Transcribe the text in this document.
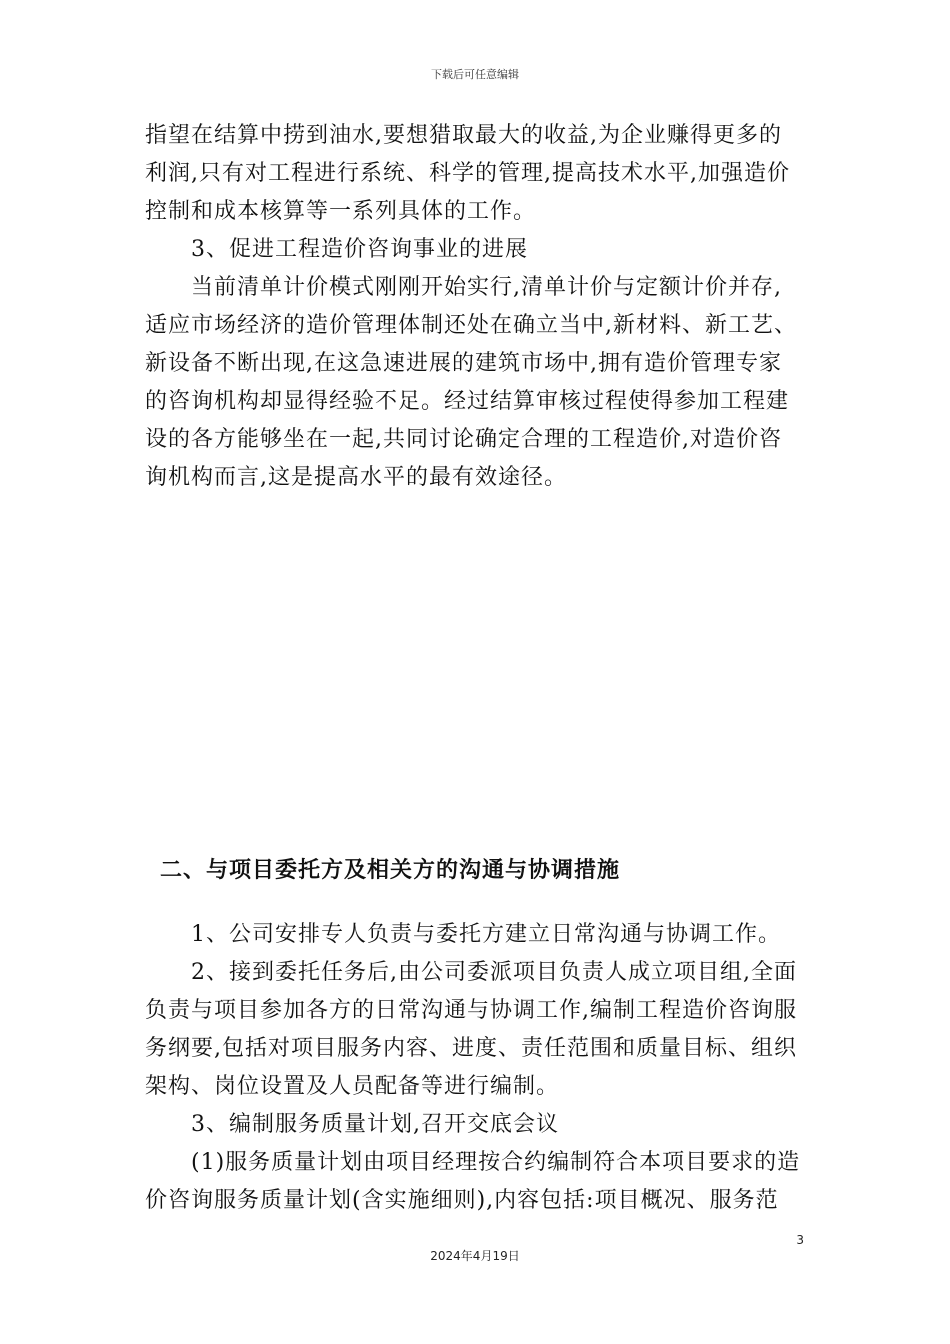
下载后可任意编辑
指望在结算中捞到油水,要想猎取最大的收益,为企业赚得更多的
利润,只有对工程进行系统、科学的管理,提高技术水平,加强造价
控制和成本核算等一系列具体的工作。
3、促进工程造价咨询事业的进展
当前清单计价模式刚刚开始实行,清单计价与定额计价并存,
适应市场经济的造价管理体制还处在确立当中,新材料、新工艺、
新设备不断出现,在这急速进展的建筑市场中,拥有造价管理专家
的咨询机构却显得经验不足。经过结算审核过程使得参加工程建
设的各方能够坐在一起,共同讨论确定合理的工程造价,对造价咨
询机构而言,这是提高水平的最有效途径。
二、与项目委托方及相关方的沟通与协调措施
1、公司安排专人负责与委托方建立日常沟通与协调工作。
2、接到委托任务后,由公司委派项目负责人成立项目组,全面
负责与项目参加各方的日常沟通与协调工作,编制工程造价咨询服
务纲要,包括对项目服务内容、进度、责任范围和质量目标、组织
架构、岗位设置及人员配备等进行编制。
3、编制服务质量计划,召开交底会议
(1)服务质量计划由项目经理按合约编制符合本项目要求的造
价咨询服务质量计划(含实施细则),内容包括:项目概况、服务范
3
2024年4月19日
